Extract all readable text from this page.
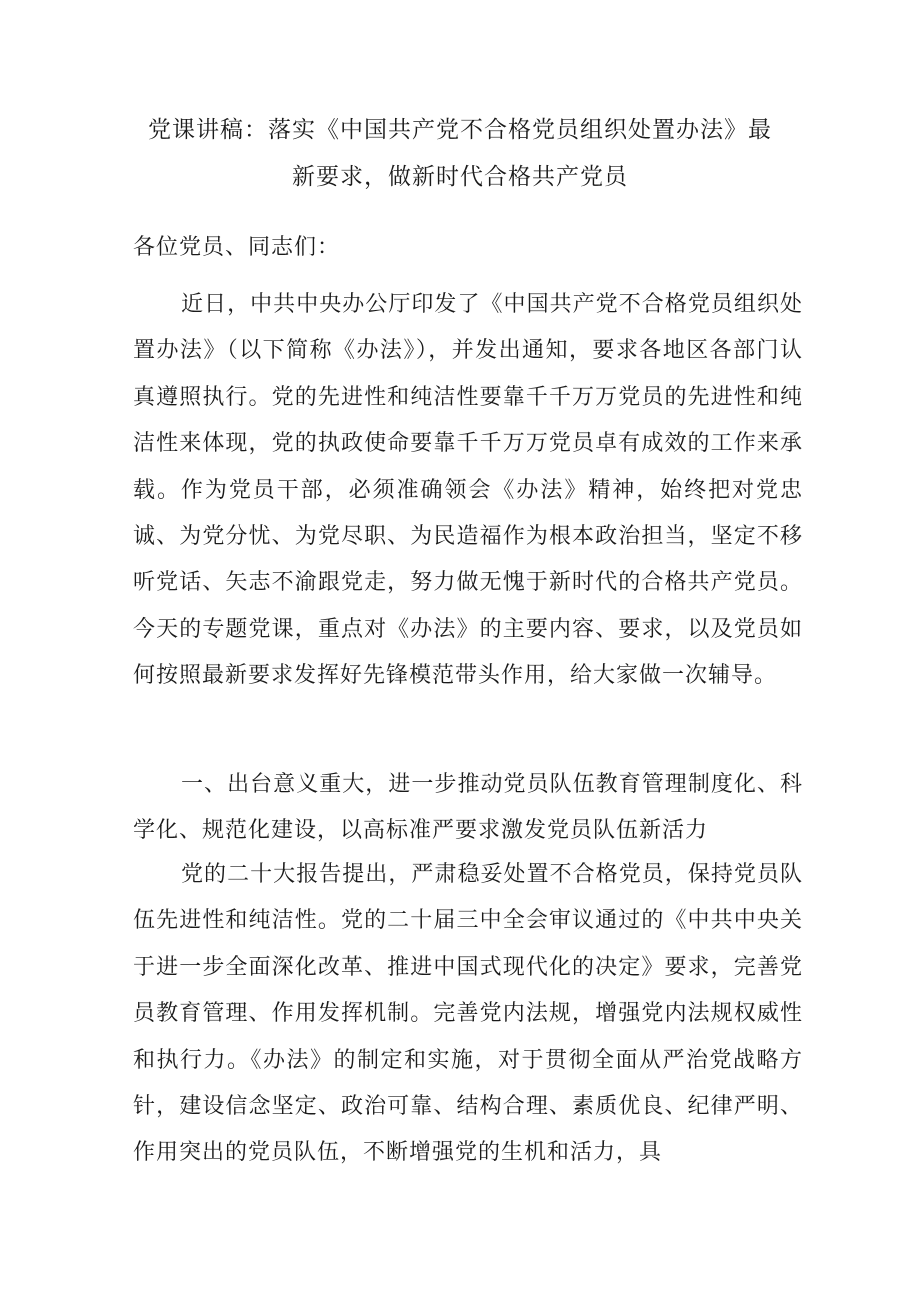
党课讲稿：落实《中国共产党不合格党员组织处置办法》最
新要求，做新时代合格共产党员
各位党员、同志们：
近日，中共中央办公厅印发了《中国共产党不合格党员组织处置办法》（以下简称《办法》），并发出通知，要求各地区各部门认真遵照执行。党的先进性和纯洁性要靠千千万万党员的先进性和纯洁性来体现，党的执政使命要靠千千万万党员卓有成效的工作来承载。作为党员干部，必须准确领会《办法》精神，始终把对党忠诚、为党分忧、为党尽职、为民造福作为根本政治担当，坚定不移听党话、矢志不渝跟党走，努力做无愧于新时代的合格共产党员。今天的专题党课，重点对《办法》的主要内容、要求，以及党员如何按照最新要求发挥好先锋模范带头作用，给大家做一次辅导。
一、出台意义重大，进一步推动党员队伍教育管理制度化、科学化、规范化建设，以高标准严要求激发党员队伍新活力
党的二十大报告提出，严肃稳妥处置不合格党员，保持党员队伍先进性和纯洁性。党的二十届三中全会审议通过的《中共中央关于进一步全面深化改革、推进中国式现代化的决定》要求，完善党员教育管理、作用发挥机制。完善党内法规，增强党内法规权威性和执行力。《办法》的制定和实施，对于贯彻全面从严治党战略方针，建设信念坚定、政治可靠、结构合理、素质优良、纪律严明、作用突出的党员队伍，不断增强党的生机和活力，具
